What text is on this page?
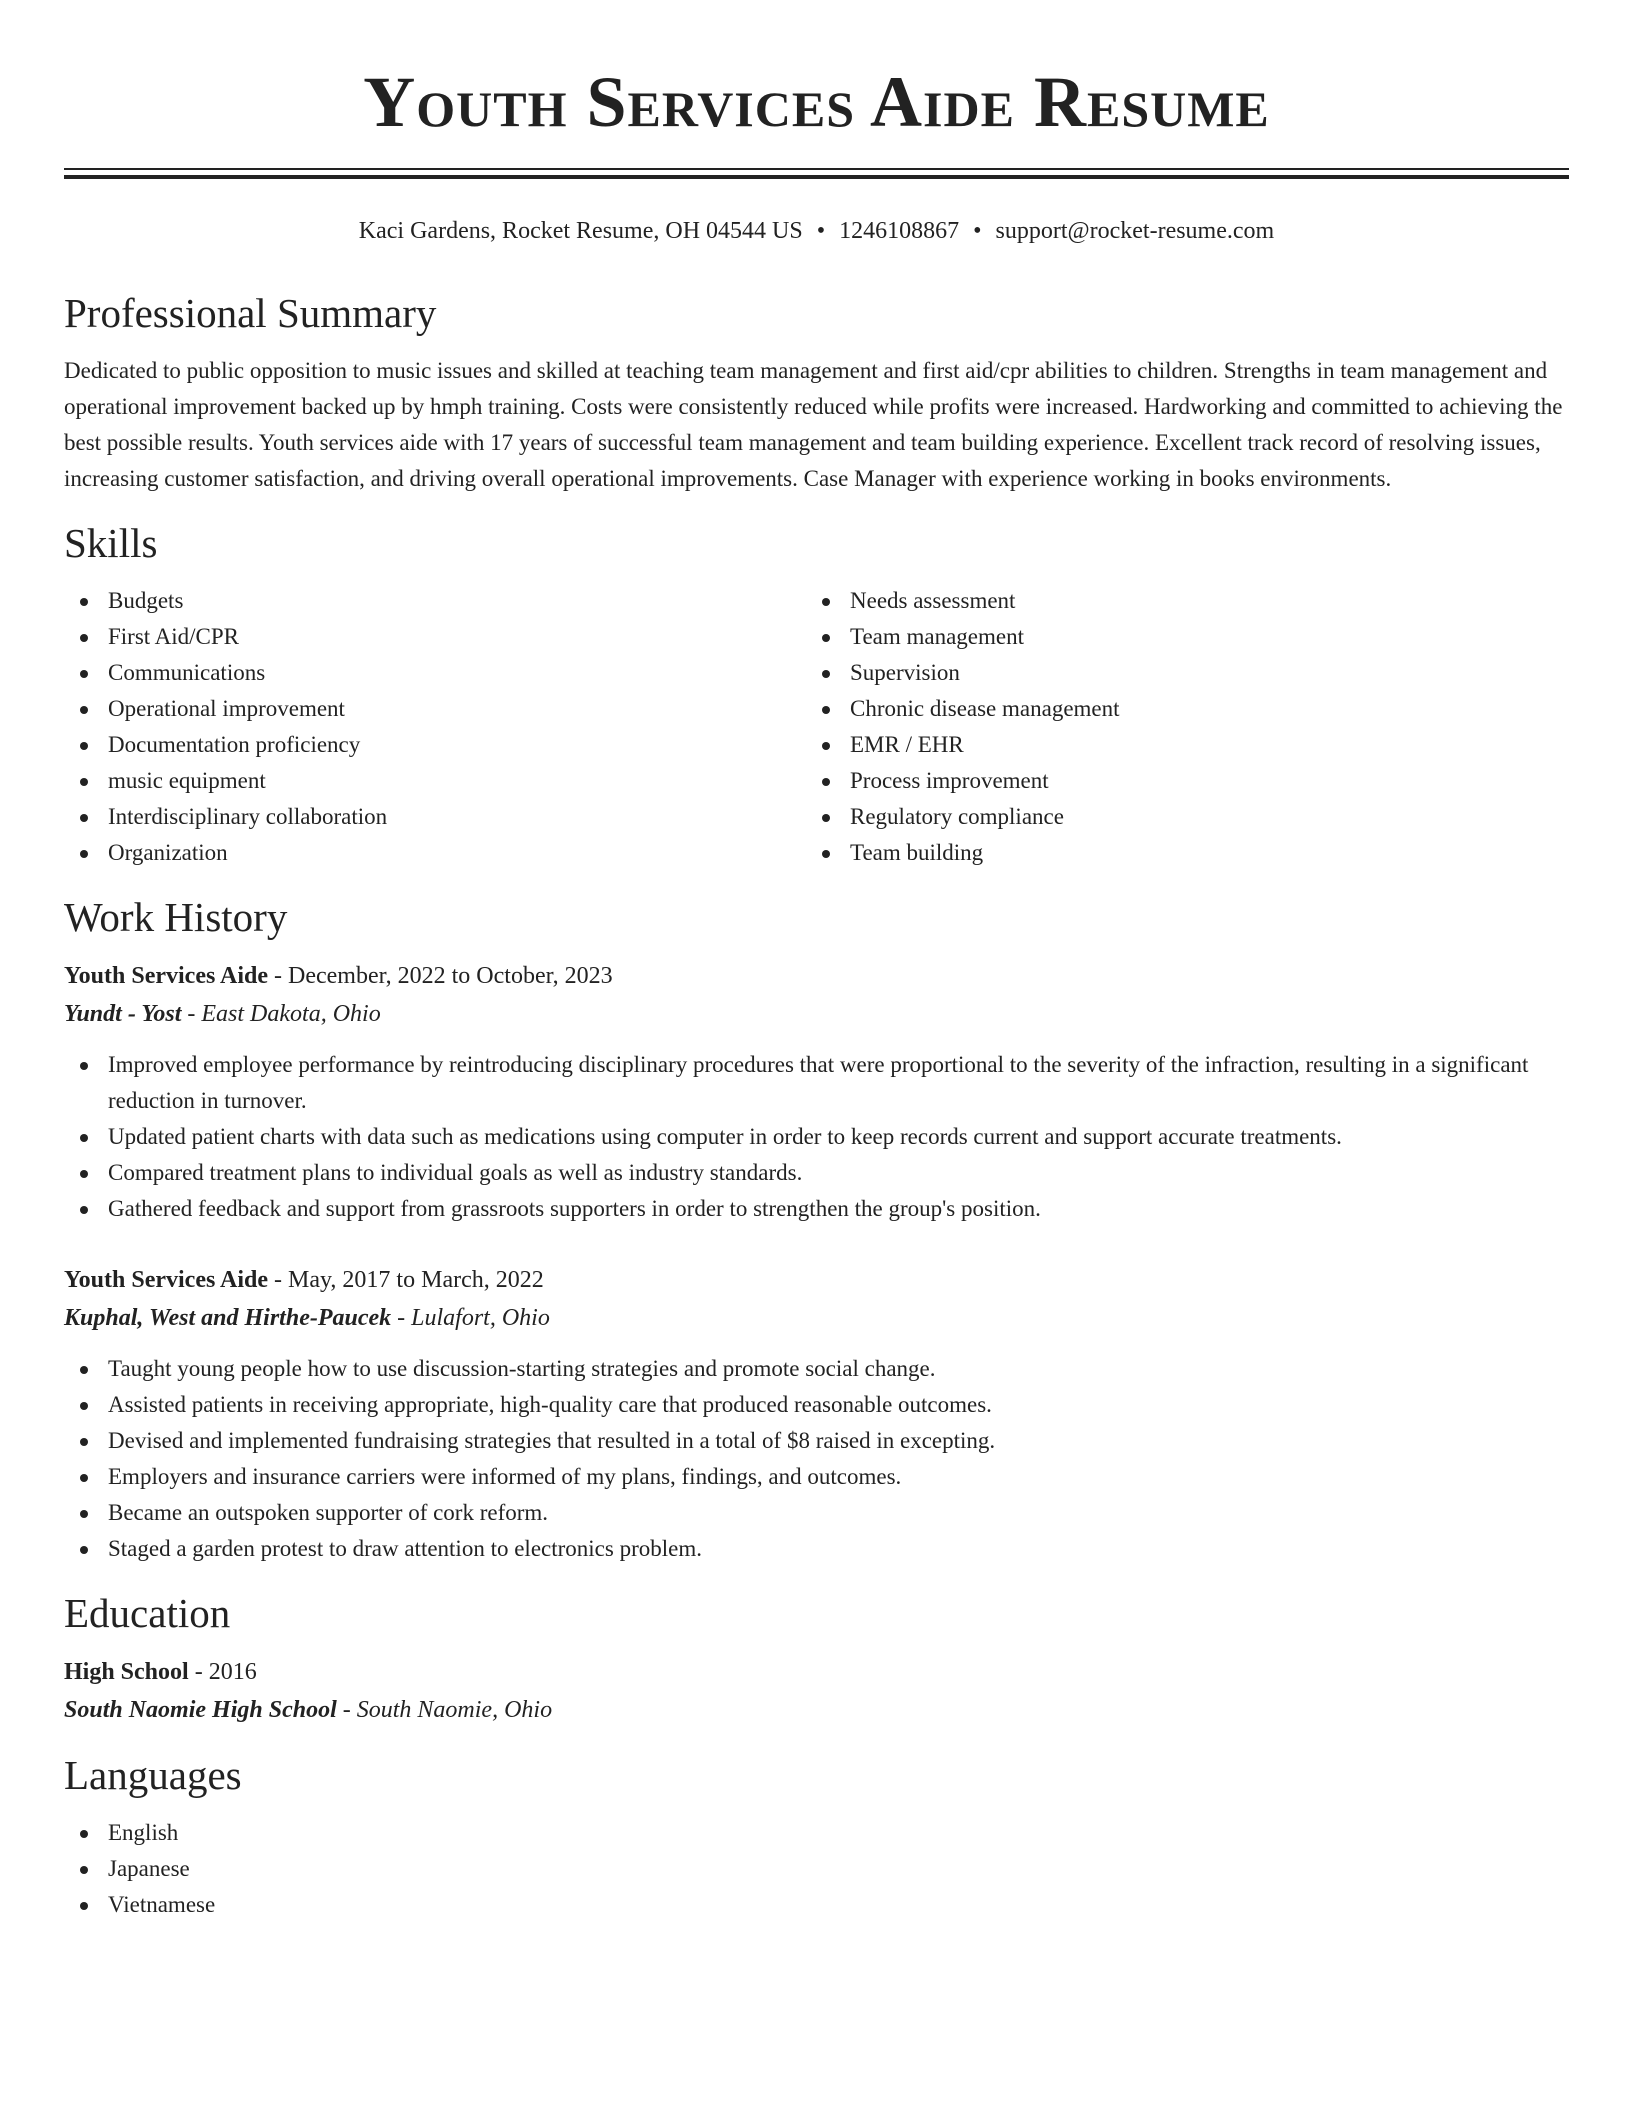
Youth Services Aide Resume
Kaci Gardens, Rocket Resume, OH 04544 US • 1246108867 • support@rocket-resume.com
Professional Summary

Dedicated to public opposition to music issues and skilled at teaching team management and first aid/cpr abilities to children. Strengths in team management and operational improvement backed up by hmph training. Costs were consistently reduced while profits were increased. Hardworking and committed to achieving the best possible results. Youth services aide with 17 years of successful team management and team building experience. Excellent track record of resolving issues, increasing customer satisfaction, and driving overall operational improvements. Case Manager with experience working in books environments.

Skills
Budgets
First Aid/CPR
Communications
Operational improvement
Documentation proficiency
music equipment
Interdisciplinary collaboration
Organization
Needs assessment
Team management
Supervision
Chronic disease management
EMR / EHR
Process improvement
Regulatory compliance
Team building
Work History
Youth Services Aide - December, 2022 to October, 2023
Yundt - Yost - East Dakota, Ohio
Improved employee performance by reintroducing disciplinary procedures that were proportional to the severity of the infraction, resulting in a significant reduction in turnover.
Updated patient charts with data such as medications using computer in order to keep records current and support accurate treatments.
Compared treatment plans to individual goals as well as industry standards.
Gathered feedback and support from grassroots supporters in order to strengthen the group's position.
Youth Services Aide - May, 2017 to March, 2022
Kuphal, West and Hirthe-Paucek - Lulafort, Ohio
Taught young people how to use discussion-starting strategies and promote social change.
Assisted patients in receiving appropriate, high-quality care that produced reasonable outcomes.
Devised and implemented fundraising strategies that resulted in a total of $8 raised in excepting.
Employers and insurance carriers were informed of my plans, findings, and outcomes.
Became an outspoken supporter of cork reform.
Staged a garden protest to draw attention to electronics problem.
Education
High School - 2016
South Naomie High School - South Naomie, Ohio
Languages
English
Japanese
Vietnamese
